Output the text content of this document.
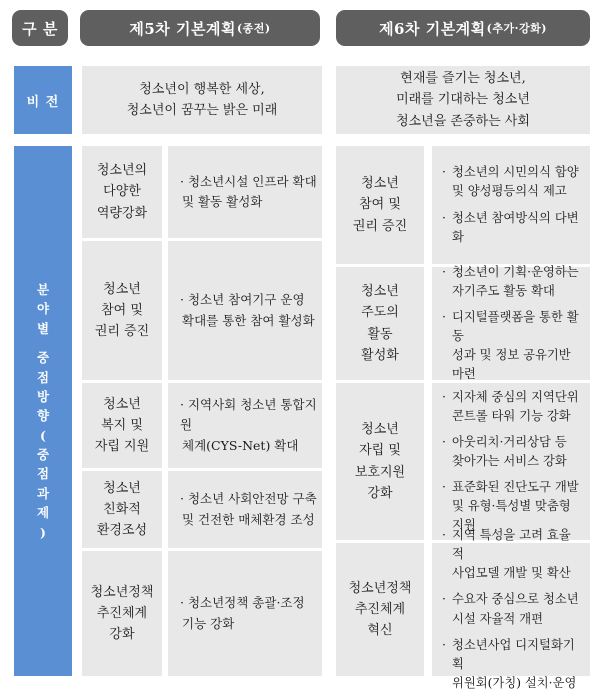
구 분	제5차 기본계획 (종전)	제6차 기본계획 (추가·강화)
비 전
청소년이 행복한 세상,
청소년이 꿈꾸는 밝은 미래
현재를 즐기는 청소년,
미래를 기대하는 청소년
청소년을 존중하는 사회
분
야
별
중
점
방
향
(
중
점
과
제
)
청소년의
다양한
역량강화
청소년
참여 및
권리 증진
청소년
복지 및
자립 지원
청소년
친화적
환경조성
청소년정책
추진체계
강화
· 청소년시설 인프라 확대
및 활동 활성화
· 청소년 참여기구 운영
확대를 통한 참여 활성화
· 지역사회 청소년 통합지원
체계(CYS-Net) 확대
· 청소년 사회안전망 구축
및 건전한 매체환경 조성
· 청소년정책 총괄·조정
기능 강화
청소년
참여 및
권리 증진
청소년
주도의
활동
활성화
청소년
자립 및
보호지원
강화
청소년정책
추진체계
혁신
· 청소년의 시민의식 함양
및 양성평등의식 제고
· 청소년 참여방식의 다변화
· 청소년이 기획·운영하는
자기주도 활동 확대
· 디지털플랫폼을 통한 활동
성과 및 정보 공유기반
마련
· 지자체 중심의 지역단위
콘트롤 타워 기능 강화
· 아웃리치·거리상담 등
찾아가는 서비스 강화
· 표준화된 진단도구 개발
및 유형·특성별 맞춤형
지원
· 지역 특성을 고려 효율적
사업모델 개발 및 확산
· 수요자 중심으로 청소년
시설 자율적 개편
· 청소년사업 디지털화기획
위원회(가칭) 설치·운영
